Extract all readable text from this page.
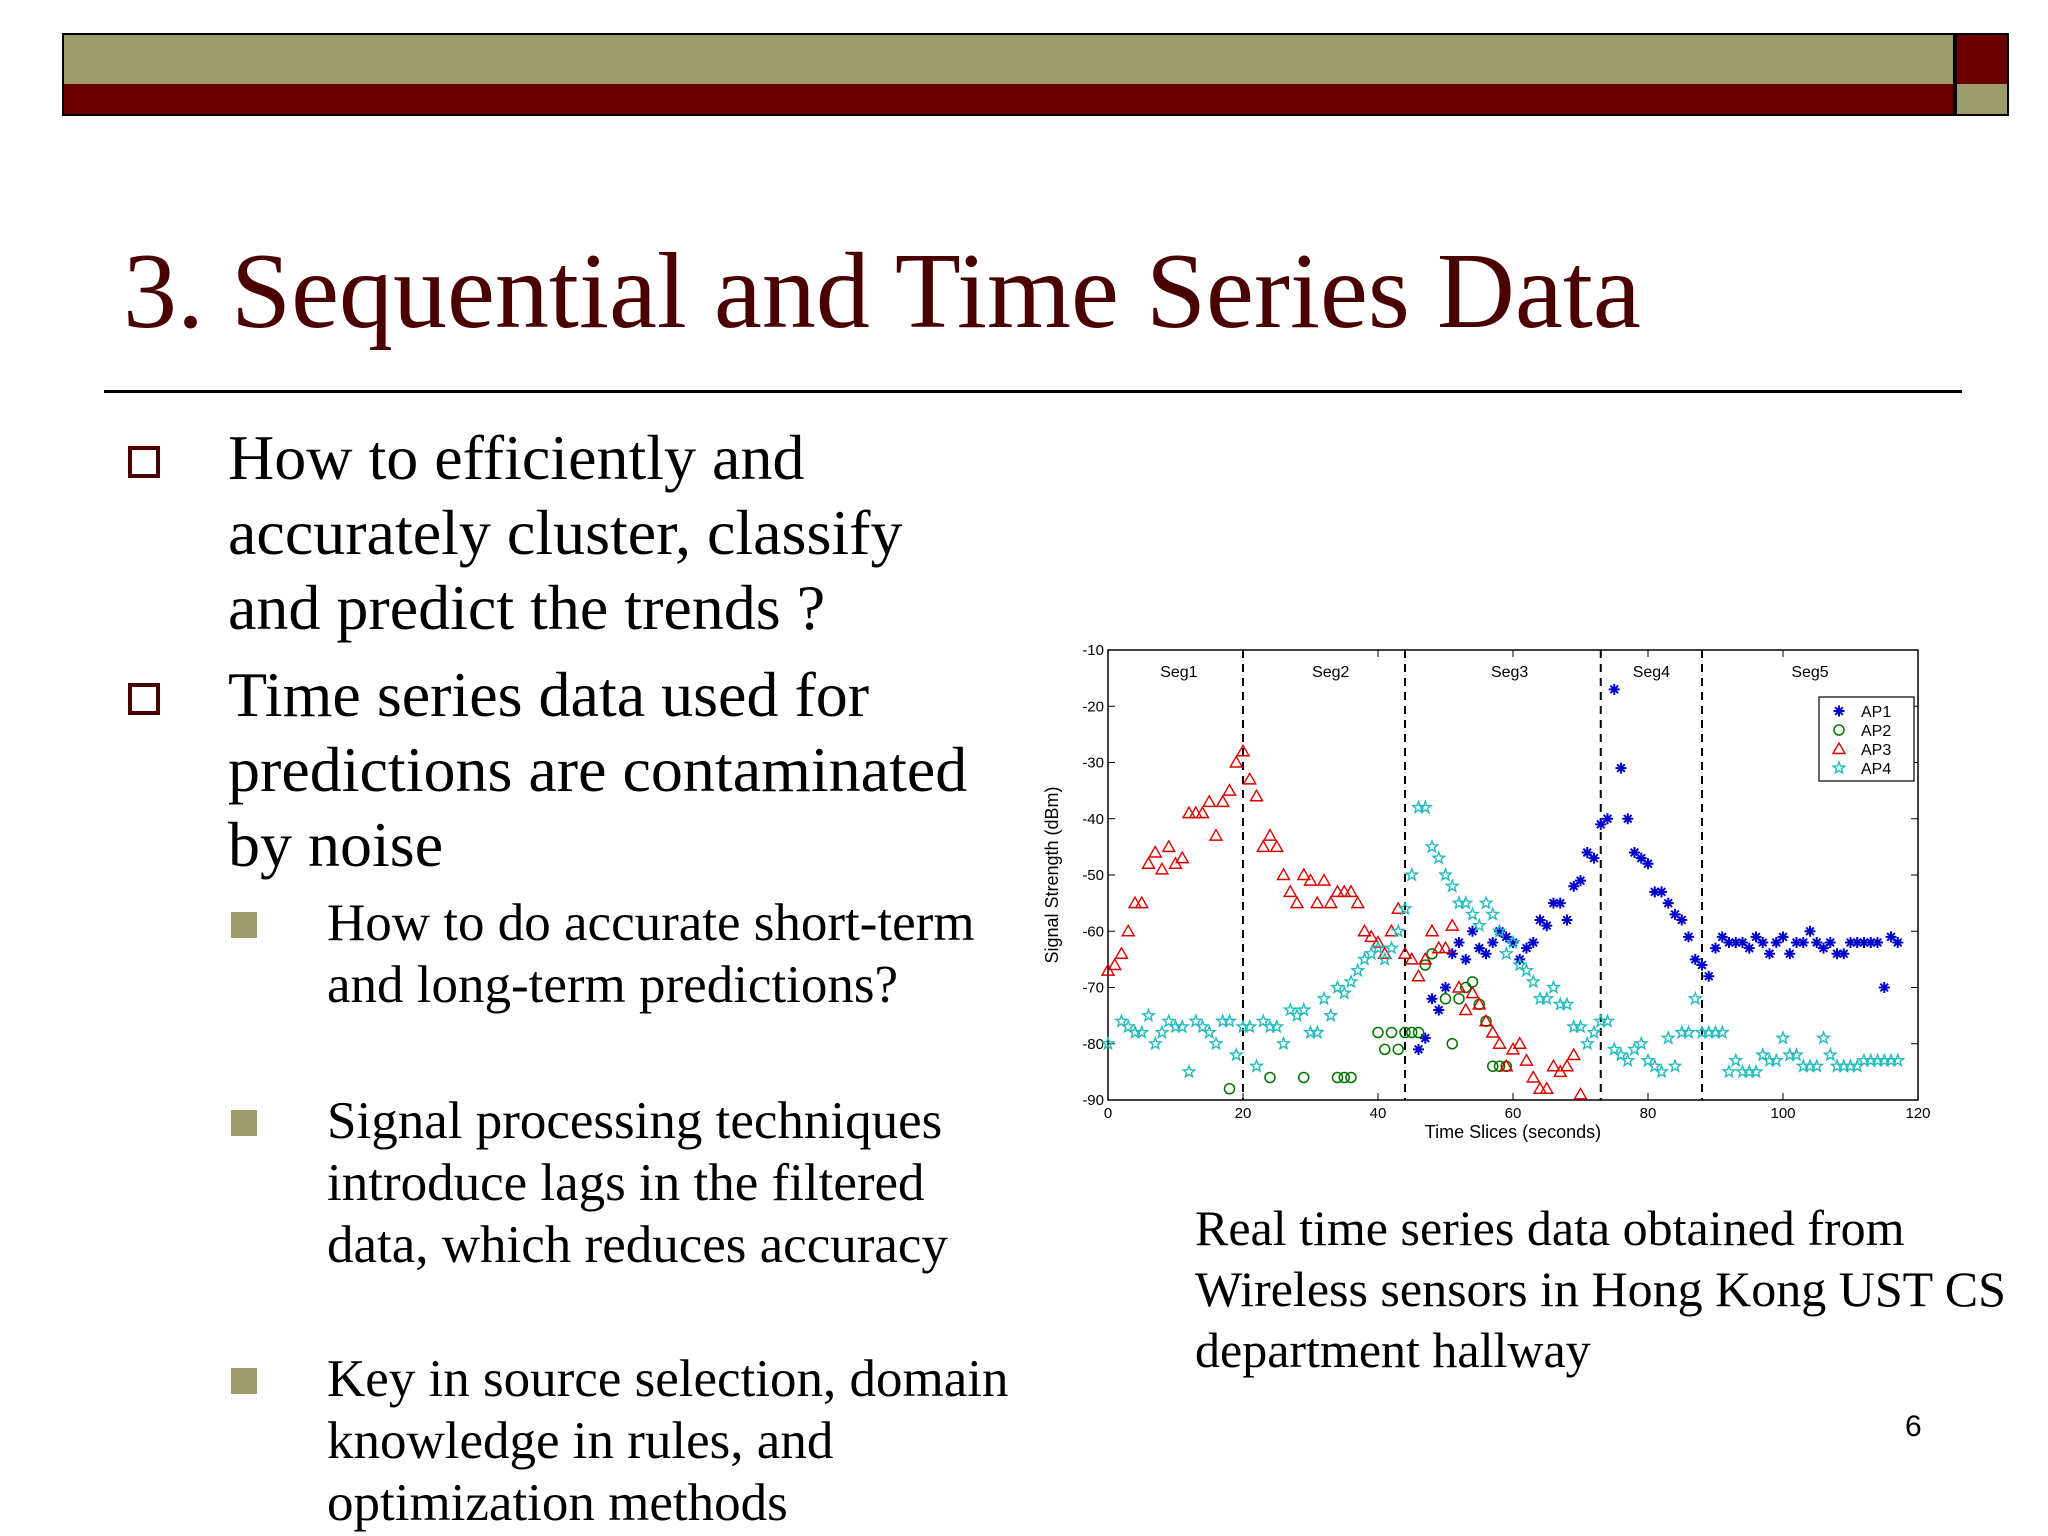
3. Sequential and Time Series Data
How to efficiently and accurately cluster, classify and predict the trends ?
Time series data used for predictions are contaminated by noise
How to do accurate short-term and long-term predictions?
Signal processing techniques introduce lags in the filtered data, which reduces accuracy
Key in source selection, domain knowledge in rules, and optimization methods
0	20	40	60	80	100	120
-10
-20
-30
-40
-50
-60
-70
-80
-90
Time Slices (seconds)
Signal Strength (dBm)
Seg1	Seg2	Seg3	Seg4	Seg5
AP1
AP2
AP3
AP4
Real time series data obtained from Wireless sensors in Hong Kong UST CS department hallway
6
